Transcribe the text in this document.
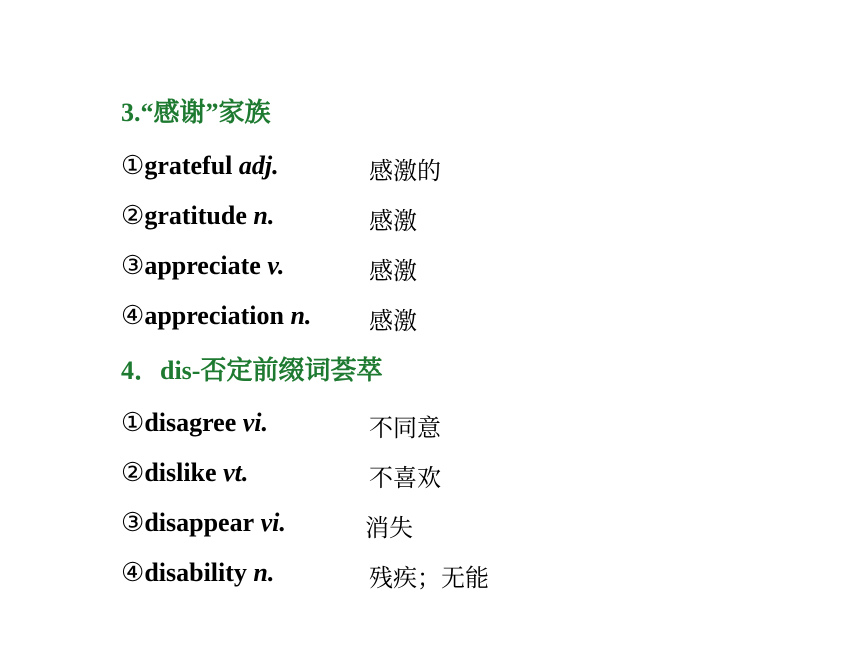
3.“感谢”家族
①grateful adj.	感激的
②gratitude n.	感激
③appreciate v.	感激
④appreciation n. 感激
4．dis-否定前缀词荟萃
①disagree vi.	不同意
②dislike vt.	不喜欢
③disappear vi.	消失
④disability n.	残疾；无能
